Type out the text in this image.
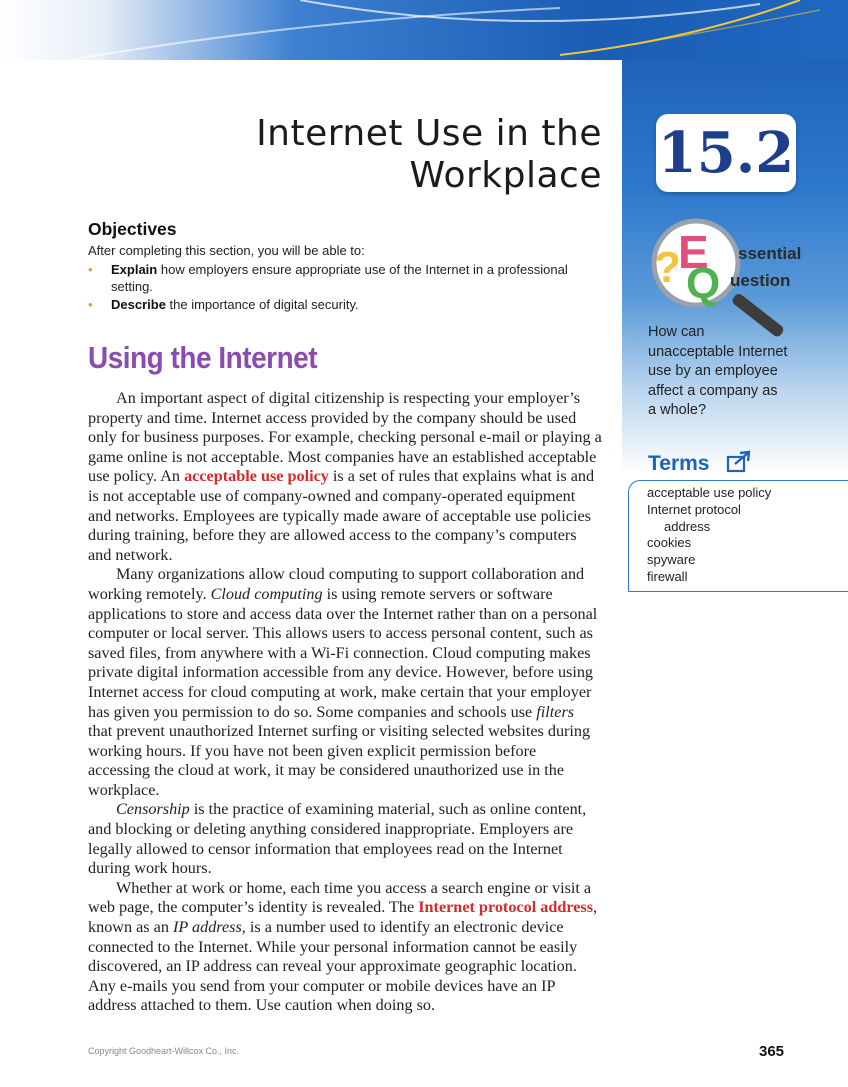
Internet Use in the
Workplace 15.2
?
E
Q
ssential
uestion
How can unacceptable Internet use by an employee affect a company as a whole?
Terms
acceptable use policy
Internet protocol
address
cookies
spyware
firewall
Objectives
After completing this section, you will be able to:
• Explain how employers ensure appropriate use of the Internet in a professional setting.
• Describe the importance of digital security.
Using the Internet

An important aspect of digital citizenship is respecting your employer’s property and time. Internet access provided by the company should be used only for business purposes. For example, checking personal e-mail or playing a game online is not acceptable. Most companies have an established acceptable use policy. An acceptable use policy is a set of rules that explains what is and is not acceptable use of company-owned and company-operated equipment and networks. Employees are typically made aware of acceptable use policies during training, before they are allowed access to the company’s computers and network.

Many organizations allow cloud computing to support collaboration and working remotely. Cloud computing is using remote servers or software applications to store and access data over the Internet rather than on a personal computer or local server. This allows users to access personal content, such as saved files, from anywhere with a Wi-Fi connection. Cloud computing makes private digital information accessible from any device. However, before using Internet access for cloud computing at work, make certain that your employer has given you permission to do so. Some companies and schools use filters that prevent unauthorized Internet surfing or visiting selected websites during working hours. If you have not been given explicit permission before accessing the cloud at work, it may be considered unauthorized use in the workplace.

Censorship is the practice of examining material, such as online content, and blocking or deleting anything considered inappropriate. Employers are legally allowed to censor information that employees read on the Internet during work hours.

Whether at work or home, each time you access a search engine or visit a web page, the computer’s identity is revealed. The Internet protocol address, known as an IP address, is a number used to identify an electronic device connected to the Internet. While your personal information cannot be easily discovered, an IP address can reveal your approximate geographic location. Any e-mails you send from your computer or mobile devices have an IP address attached to them. Use caution when doing so.

Copyright Goodheart-Willcox Co., Inc.	365
